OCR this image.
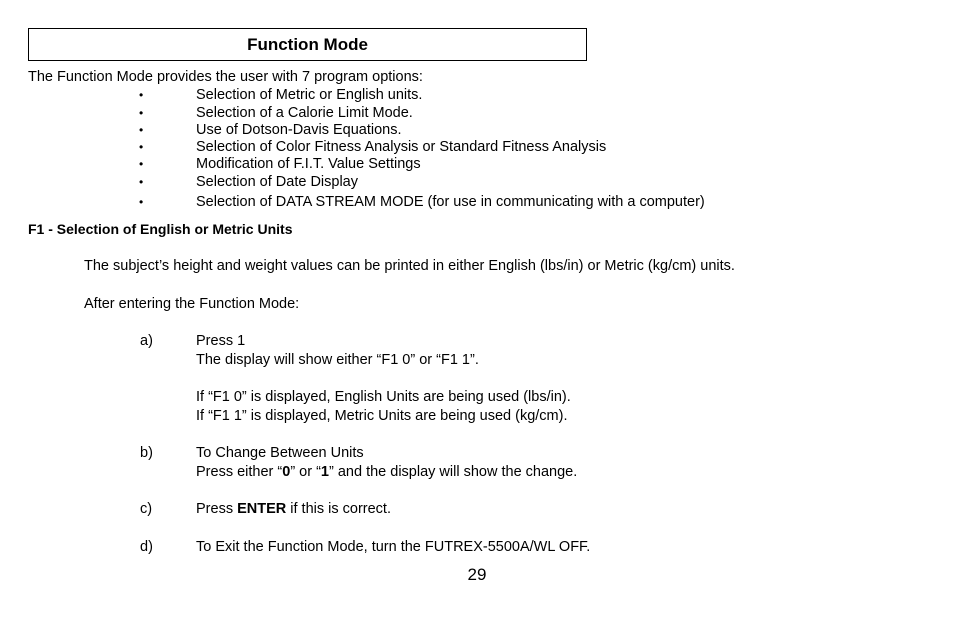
Function Mode
The Function Mode provides the user with 7 program options:
•	Selection of Metric or English units.
•	Selection of a Calorie Limit Mode.
•	Use of Dotson-Davis Equations.
•	Selection of Color Fitness Analysis or Standard Fitness Analysis
•	Modification of F.I.T. Value Settings
•	Selection of Date Display
•	Selection of DATA STREAM MODE (for use in communicating with a computer)
F1 - Selection of English or Metric Units
The subject’s height and weight values can be printed in either English (lbs/in) or Metric (kg/cm) units.
After entering the Function Mode:
a)	Press 1
The display will show either “F1 0” or “F1 1”.
If “F1 0” is displayed, English Units are being used (lbs/in).
If “F1 1” is displayed, Metric Units are being used (kg/cm).
b)	To Change Between Units
Press either “0” or “1” and the display will show the change.
c)	Press ENTER if this is correct.
d)	To Exit the Function Mode, turn the FUTREX-5500A/WL OFF.
29
